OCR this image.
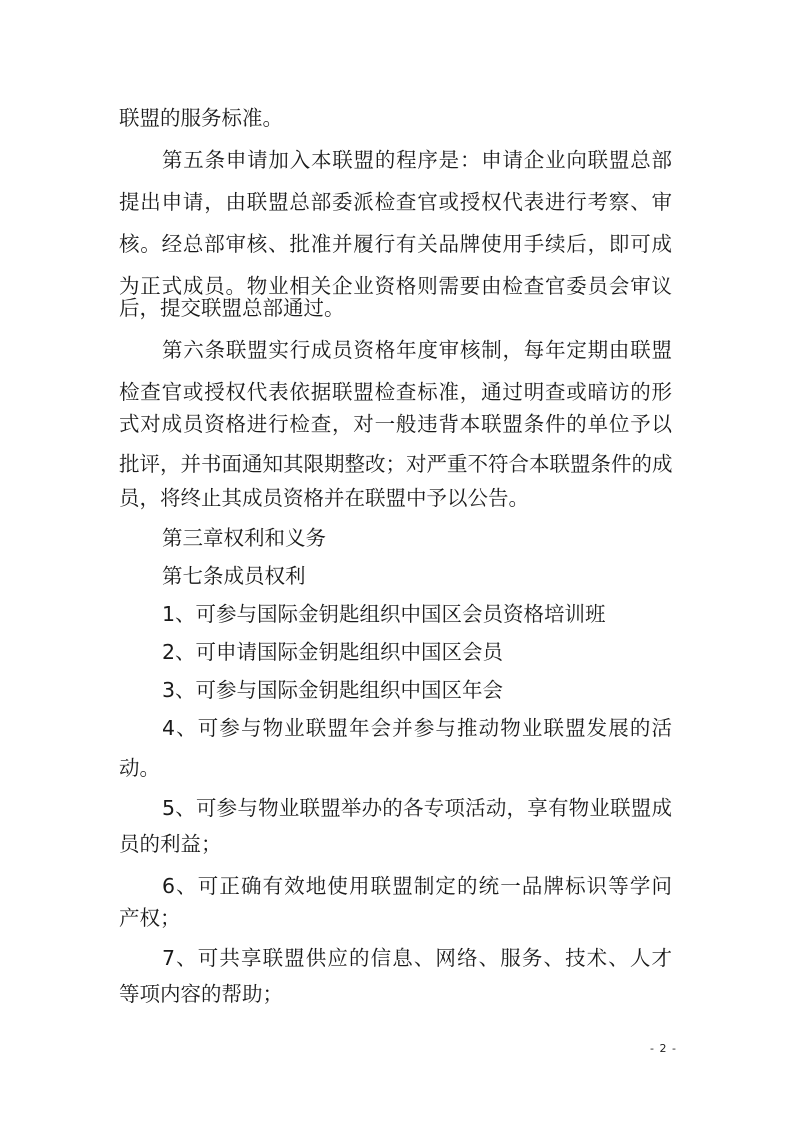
联盟的服务标准。
第五条申请加入本联盟的程序是：申请企业向联盟总部
提出申请，由联盟总部委派检查官或授权代表进行考察、审
核。经总部审核、批准并履行有关品牌使用手续后，即可成
为正式成员。物业相关企业资格则需要由检查官委员会审议
后，提交联盟总部通过。
第六条联盟实行成员资格年度审核制，每年定期由联盟
检查官或授权代表依据联盟检查标准，通过明查或暗访的形
式对成员资格进行检查，对一般违背本联盟条件的单位予以
批评，并书面通知其限期整改；对严重不符合本联盟条件的成
员，将终止其成员资格并在联盟中予以公告。
第三章权利和义务
第七条成员权利
1、可参与国际金钥匙组织中国区会员资格培训班
2、可申请国际金钥匙组织中国区会员
3、可参与国际金钥匙组织中国区年会
4、可参与物业联盟年会并参与推动物业联盟发展的活
动。
5、可参与物业联盟举办的各专项活动，享有物业联盟成
员的利益；
6、可正确有效地使用联盟制定的统一品牌标识等学问
产权；
7、可共享联盟供应的信息、网络、服务、技术、人才
等项内容的帮助；
- 2 -
